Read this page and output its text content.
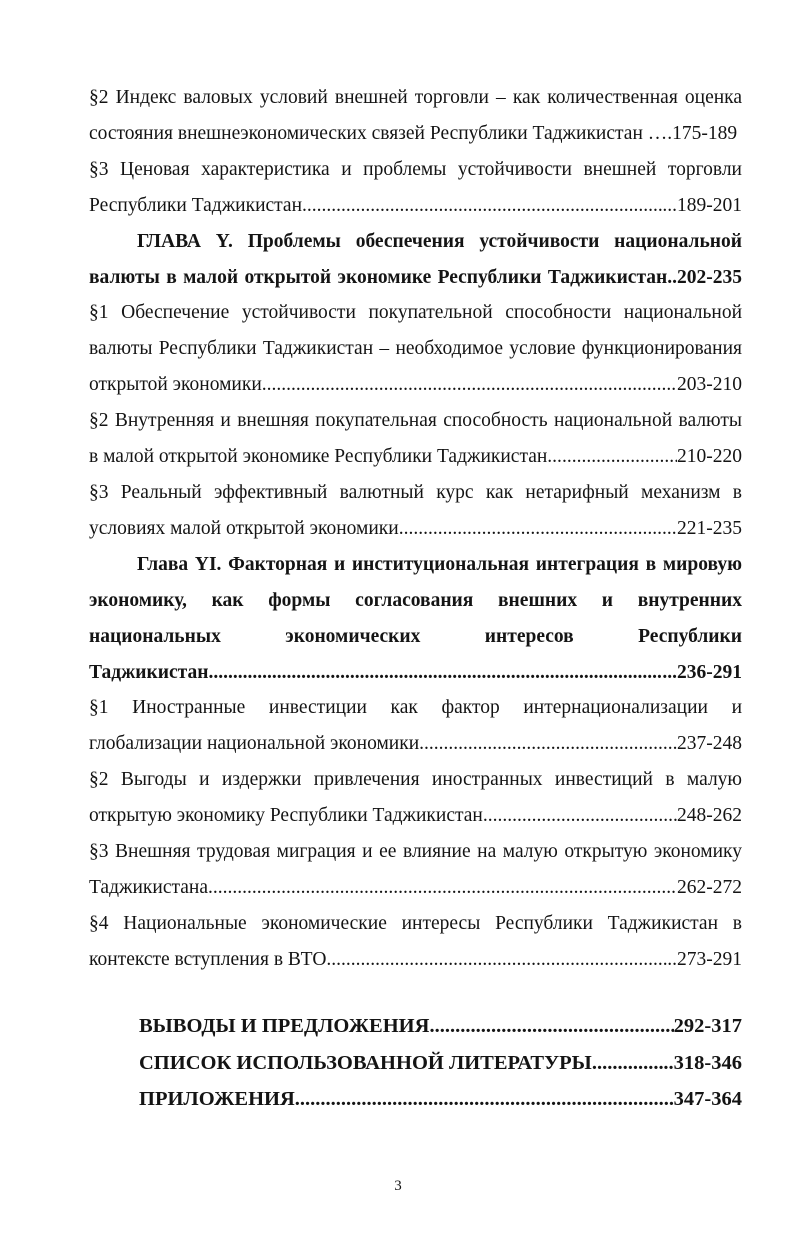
§2 Индекс валовых условий внешней торговли – как количественная оценка
состояния внешнеэкономических связей Республики Таджикистан ….175-189
§3 Ценовая характеристика и проблемы устойчивости внешней торговли
Республики Таджикистан .....	...189-201
ГЛАВА Y. Проблемы обеспечения устойчивости национальной
валюты в малой открытой экономике Республики Таджикистан..202-235
§1 Обеспечение устойчивости покупательной способности национальной
валюты Республики Таджикистан – необходимое условие функционирования
открытой экономики .....	203-210
§2 Внутренняя и внешняя покупательная способность национальной валюты
в малой открытой экономике Республики Таджикистан... .....	210-220
§3 Реальный эффективный валютный курс как нетарифный механизм в
условиях малой открытой экономики .....	221-235
Глава YI. Факторная и институциональная интеграция в мировую
экономику, как формы согласования внешних и внутренних
национальных экономических интересов Республики
Таджикистан .....	...236-291
§1 Иностранные инвестиции как фактор интернационализации и
глобализации национальной экономики .....	237-248
§2 Выгоды и издержки привлечения иностранных инвестиций в малую
открытую экономику Республики Таджикистан... .....	248-262
§3 Внешняя трудовая миграция и ее влияние на малую открытую экономику
Таджикистана .....	262-272
§4 Национальные экономические интересы Республики Таджикистан в
контексте вступления в ВТО .....	..273-291
ВЫВОДЫ И ПРЕДЛОЖЕНИЯ .....	292-317
СПИСОК ИСПОЛЬЗОВАННОЙ ЛИТЕРАТУРЫ .....	..318-346
ПРИЛОЖЕНИЯ .....	347-364
3
